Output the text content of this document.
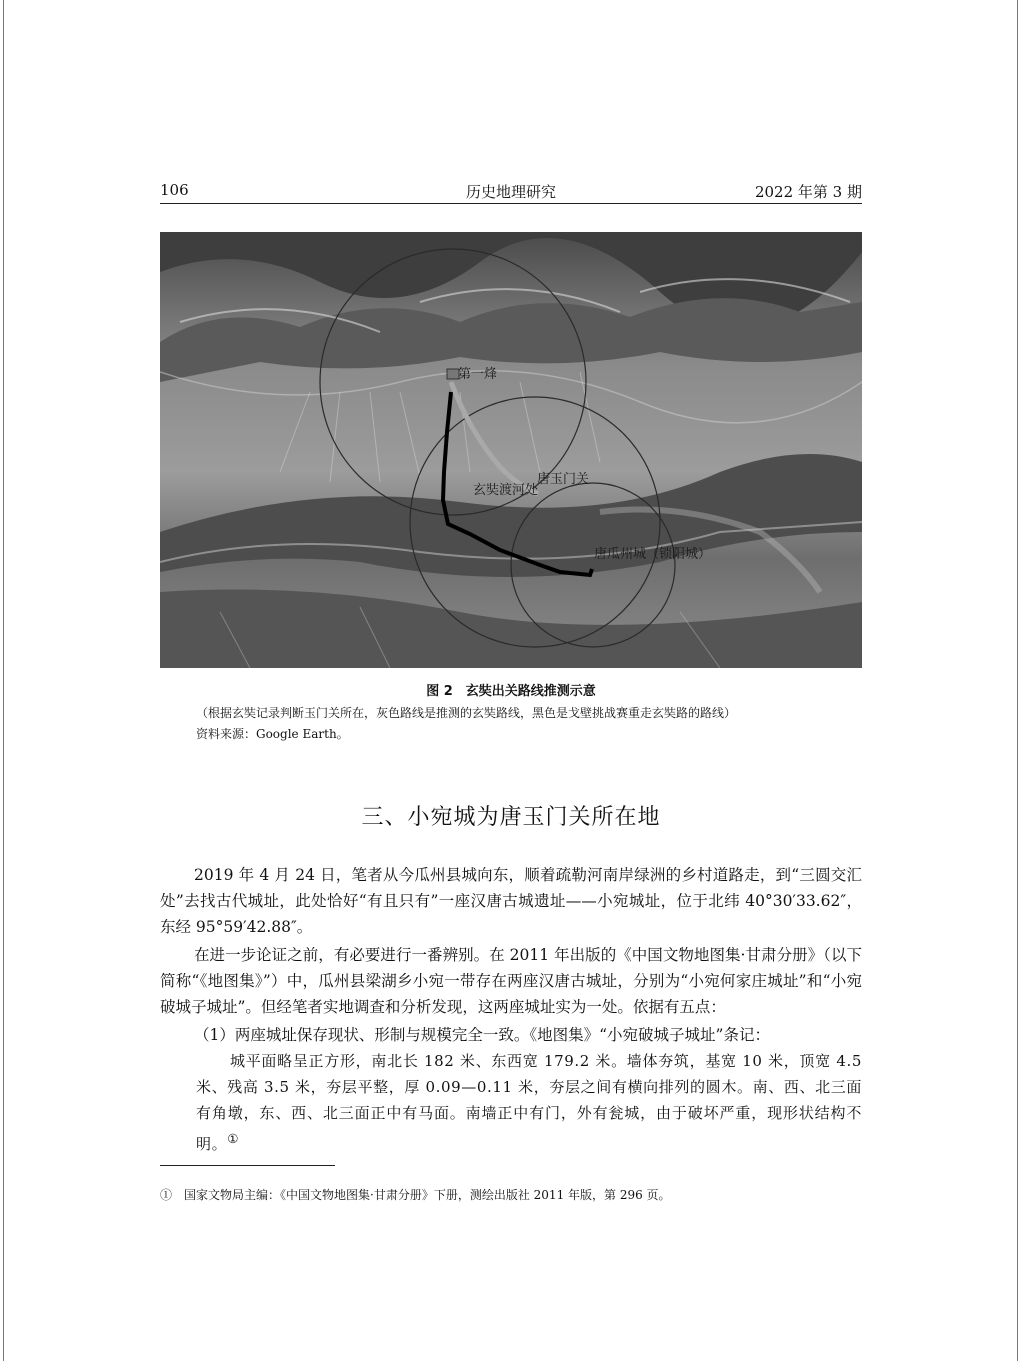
106	历史地理研究	2022 年第 3 期
第一烽
玄奘渡河处
唐玉门关
唐瓜州城（锁阳城）
图 2　玄奘出关路线推测示意
（根据玄奘记录判断玉门关所在，灰色路线是推测的玄奘路线，黑色是戈壁挑战赛重走玄奘路的路线）
资料来源：Google Earth。
三、小宛城为唐玉门关所在地

2019 年 4 月 24 日，笔者从今瓜州县城向东，顺着疏勒河南岸绿洲的乡村道路走，到“三圆交汇处”去找古代城址，此处恰好“有且只有”一座汉唐古城遗址——小宛城址，位于北纬 40°30′33.62″，东经 95°59′42.88″。

在进一步论证之前，有必要进行一番辨别。在 2011 年出版的《中国文物地图集·甘肃分册》（以下简称“《地图集》”）中，瓜州县梁湖乡小宛一带存在两座汉唐古城址，分别为“小宛何家庄城址”和“小宛破城子城址”。但经笔者实地调查和分析发现，这两座城址实为一处。依据有五点：

（1）两座城址保存现状、形制与规模完全一致。《地图集》“小宛破城子城址”条记：

城平面略呈正方形，南北长 182 米、东西宽 179.2 米。墙体夯筑，基宽 10 米，顶宽 4.5 米、残高 3.5 米，夯层平整，厚 0.09—0.11 米，夯层之间有横向排列的圆木。南、西、北三面有角墩，东、西、北三面正中有马面。南墙正中有门，外有瓮城，由于破坏严重，现形状结构不明。①

①　 国家文物局主编：《中国文物地图集·甘肃分册》下册，测绘出版社 2011 年版，第 296 页。
